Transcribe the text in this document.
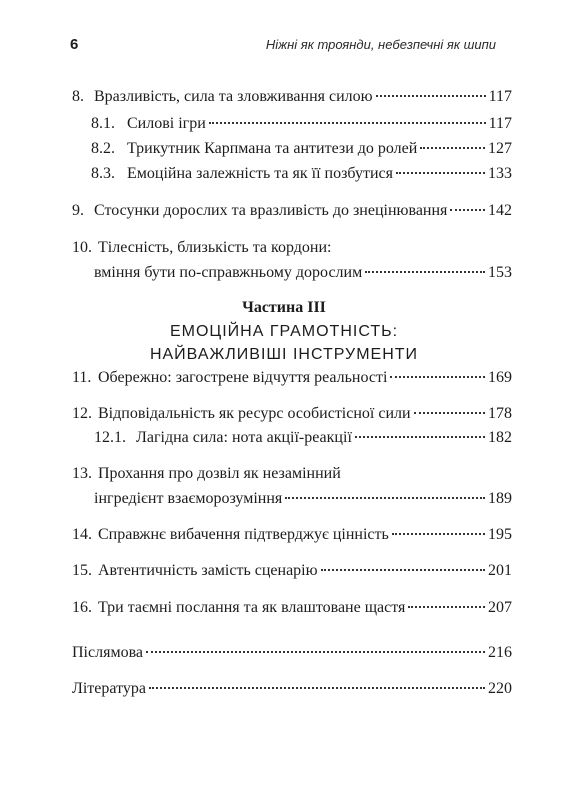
6	Ніжні як троянди, небезпечні як шипи
8. Вразливість, сила та зловживання силою	117
8.1. Силові ігри	117
8.2. Трикутник Карпмана та антитези до ролей	127
8.3. Емоційна залежність та як її позбутися	133
9. Стосунки дорослих та вразливість до знецінювання	142
10. Тілесність, близькість та кордони:
вміння бути по-справжньому дорослим	153
Частина III
ЕМОЦІЙНА ГРАМОТНІСТЬ:
НАЙВАЖЛИВІШІ ІНСТРУМЕНТИ
11. Обережно: загострене відчуття реальності	169
12. Відповідальність як ресурс особистісної сили	178
12.1. Лагідна сила: нота акції-реакції	182
13. Прохання про дозвіл як незамінний
інгредієнт взаєморозуміння	189
14. Справжнє вибачення підтверджує цінність	195
15. Автентичність замість сценарію	201
16. Три таємні послання та як влаштоване щастя	207
Післямова	216
Література	220
